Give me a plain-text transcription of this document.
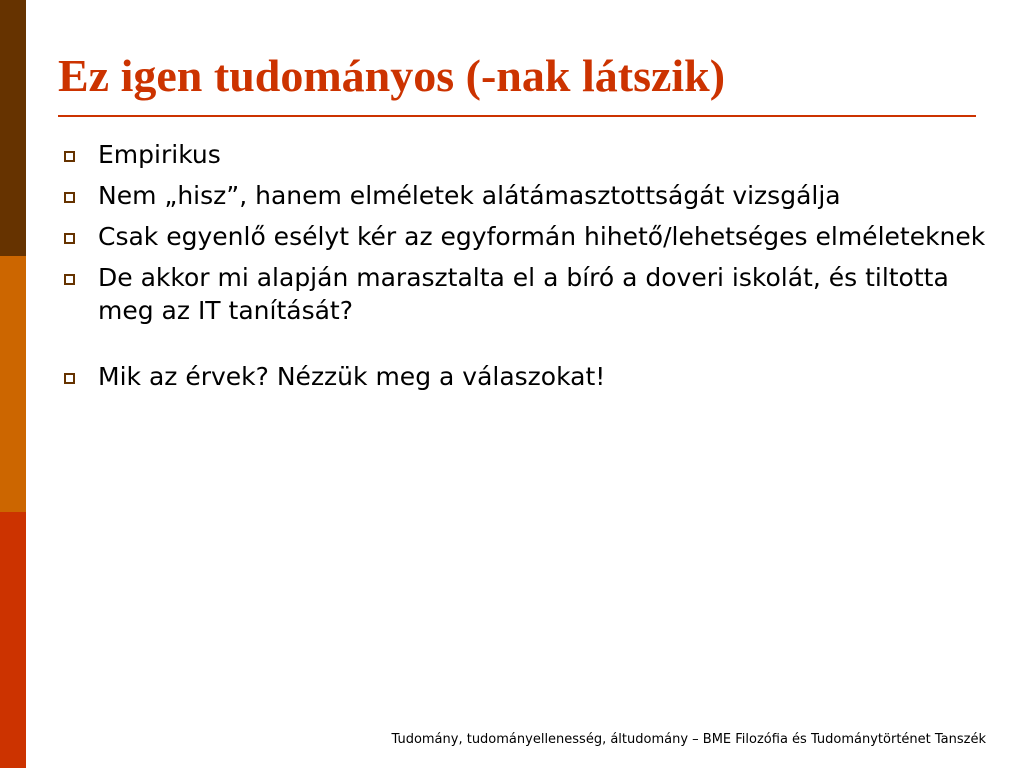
Ez igen tudományos (-nak látszik)
Empirikus
Nem „hisz”, hanem elméletek alátámasztottságát vizsgálja
Csak egyenlő esélyt kér az egyformán hihető/lehetséges elméleteknek
De akkor mi alapján marasztalta el a bíró a doveri iskolát, és tiltotta meg az IT tanítását?
Mik az érvek? Nézzük meg a válaszokat!
Tudomány, tudományellenesség, áltudomány – BME Filozófia és Tudománytörténet Tanszék
